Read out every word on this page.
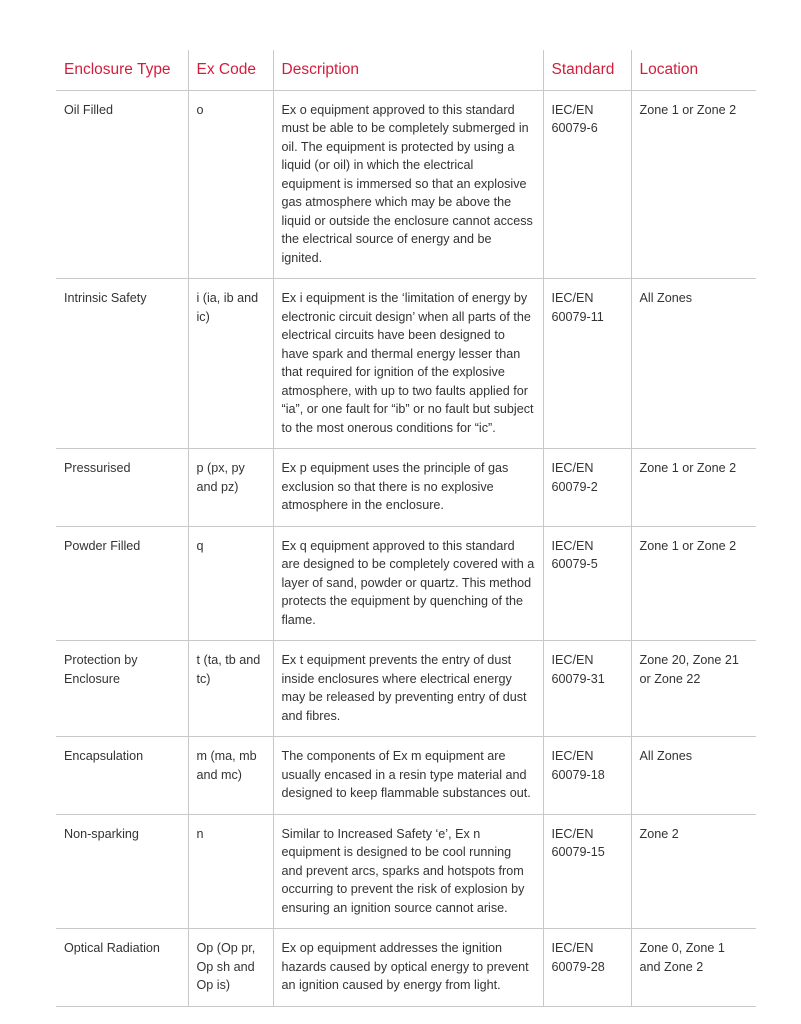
Enclosure Type	Ex Code	Description	Standard	Location
Oil Filled	o	Ex o equipment approved to this standard must be able to be completely submerged in oil. The equipment is protected by using a liquid (or oil) in which the electrical equipment is immersed so that an explosive gas atmosphere which may be above the liquid or outside the enclosure cannot access the electrical source of energy and be ignited.	IEC/EN 60079-6	Zone 1 or Zone 2
Intrinsic Safety	i (ia, ib and ic)	Ex i equipment is the ‘limitation of energy by electronic circuit design’ when all parts of the electrical circuits have been designed to have spark and thermal energy lesser than that required for ignition of the explosive atmosphere, with up to two faults applied for “ia”, or one fault for “ib” or no fault but subject to the most onerous conditions for “ic”.	IEC/EN 60079-11	All Zones
Pressurised	p (px, py and pz)	Ex p equipment uses the principle of gas exclusion so that there is no explosive atmosphere in the enclosure.	IEC/EN 60079-2	Zone 1 or Zone 2
Powder Filled	q	Ex q equipment approved to this standard are designed to be completely covered with a layer of sand, powder or quartz. This method protects the equipment by quenching of the flame.	IEC/EN 60079-5	Zone 1 or Zone 2
Protection by Enclosure	t (ta, tb and tc)	Ex t equipment prevents the entry of dust inside enclosures where electrical energy may be released by preventing entry of dust and fibres.	IEC/EN 60079-31	Zone 20, Zone 21 or Zone 22
Encapsulation	m (ma, mb and mc)	The components of Ex m equipment are usually encased in a resin type material and designed to keep flammable substances out.	IEC/EN 60079-18	All Zones
Non-sparking	n	Similar to Increased Safety ‘e’, Ex n equipment is designed to be cool running and prevent arcs, sparks and hotspots from occurring to prevent the risk of explosion by ensuring an ignition source cannot arise.	IEC/EN 60079-15	Zone 2
Optical Radiation	Op (Op pr, Op sh and Op is)	Ex op equipment addresses the ignition hazards caused by optical energy to prevent an ignition caused by energy from light.	IEC/EN 60079-28	Zone 0, Zone 1 and Zone 2
